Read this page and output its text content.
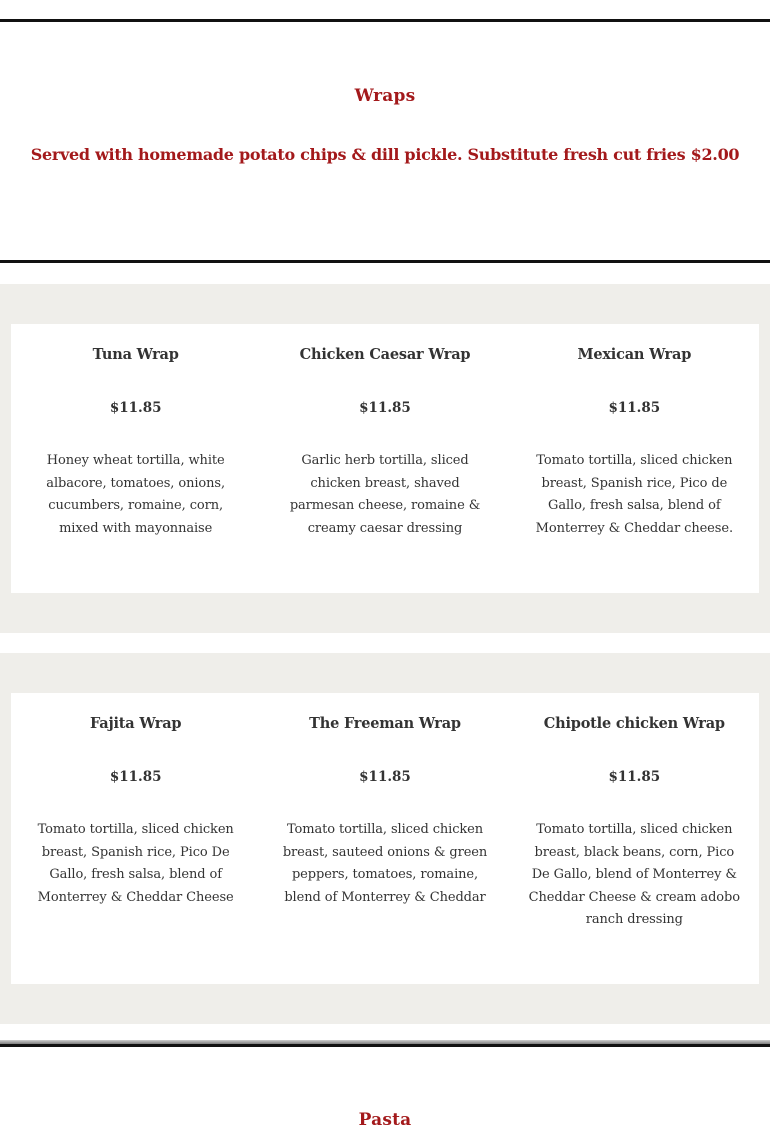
Wraps
Served with homemade potato chips & dill pickle. Substitute fresh cut fries $2.00
Tuna Wrap
$11.85
Honey wheat tortilla, white albacore, tomatoes, onions, cucumbers, romaine, corn, mixed with mayonnaise
Chicken Caesar Wrap
$11.85
Garlic herb tortilla, sliced chicken breast, shaved parmesan cheese, romaine & creamy caesar dressing
Mexican Wrap
$11.85
Tomato tortilla, sliced chicken breast, Spanish rice, Pico de Gallo, fresh salsa, blend of Monterrey & Cheddar cheese.
Fajita Wrap
$11.85
Tomato tortilla, sliced chicken breast, Spanish rice, Pico De Gallo, fresh salsa, blend of Monterrey & Cheddar Cheese
The Freeman Wrap
$11.85
Tomato tortilla, sliced chicken breast, sauteed onions & green peppers, tomatoes, romaine, blend of Monterrey & Cheddar
Chipotle chicken Wrap
$11.85
Tomato tortilla, sliced chicken breast, black beans, corn, Pico De Gallo, blend of Monterrey & Cheddar Cheese & cream adobo ranch dressing
Pasta
